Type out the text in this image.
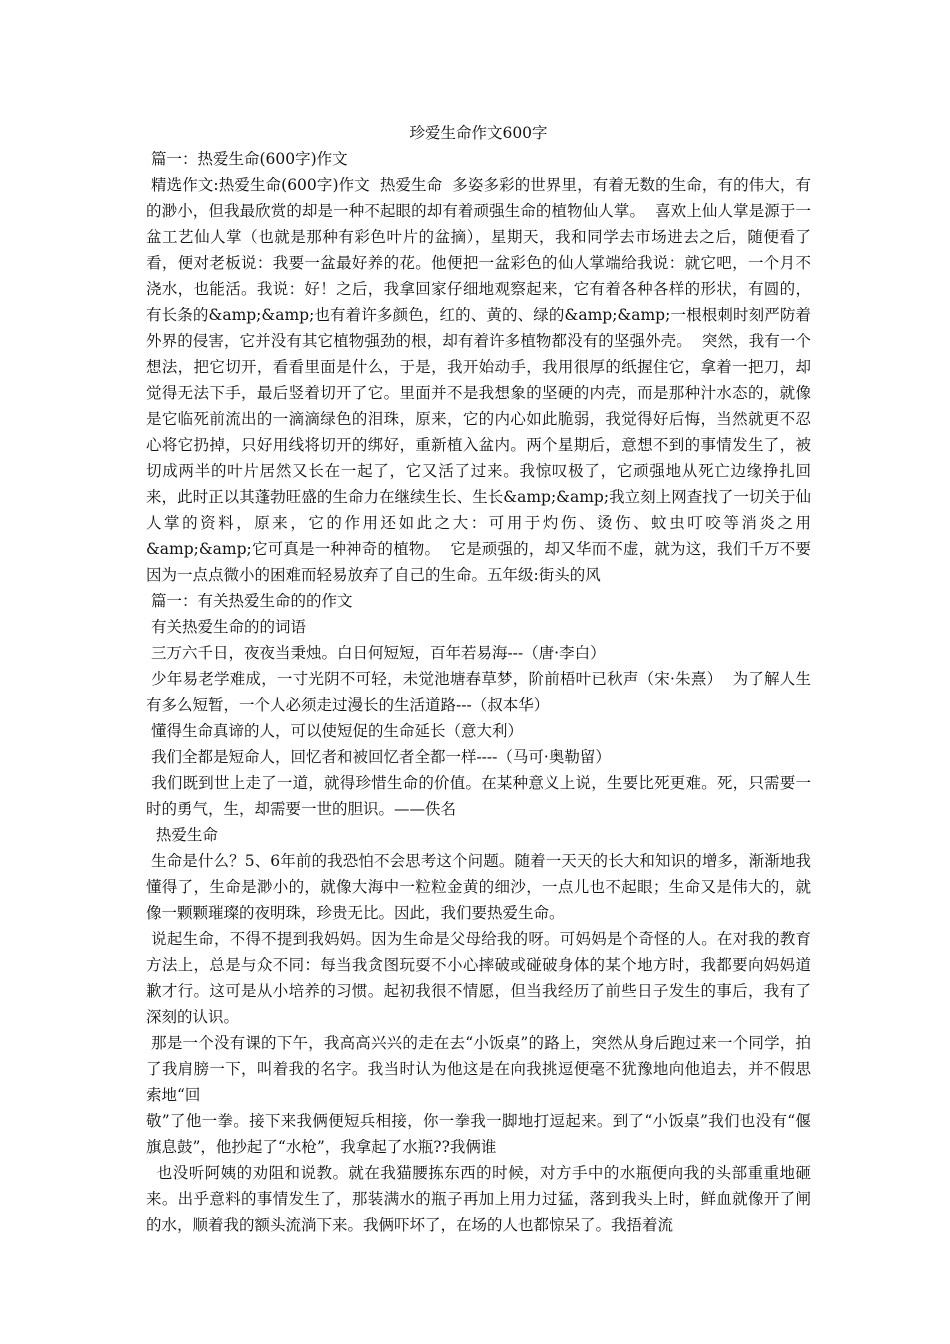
珍爱生命作文600字

篇一：热爱生命(600字)作文

精选作文:热爱生命(600字)作文  热爱生命  多姿多彩的世界里，有着无数的生命，有的伟大，有的渺小，但我最欣赏的却是一种不起眼的却有着顽强生命的植物仙人掌。  喜欢上仙人掌是源于一盆工艺仙人掌（也就是那种有彩色叶片的盆摘），星期天，我和同学去市场进去之后，随便看了看，便对老板说：我要一盆最好养的花。他便把一盆彩色的仙人掌端给我说：就它吧，一个月不浇水，也能活。我说：好！之后，我拿回家仔细地观察起来，它有着各种各样的形状，有圆的，有长条的&amp;&amp;也有着许多颜色，红的、黄的、绿的&amp;&amp;一根根刺时刻严防着外界的侵害，它并没有其它植物强劲的根，却有着许多植物都没有的坚强外壳。  突然，我有一个想法，把它切开，看看里面是什么，于是，我开始动手，我用很厚的纸握住它，拿着一把刀，却觉得无法下手，最后竖着切开了它。里面并不是我想象的坚硬的内壳，而是那种汁水态的，就像是它临死前流出的一滴滴绿色的泪珠，原来，它的内心如此脆弱，我觉得好后悔，当然就更不忍心将它扔掉，只好用线将切开的绑好，重新植入盆内。两个星期后，意想不到的事情发生了，被切成两半的叶片居然又长在一起了，它又活了过来。我惊叹极了，它顽强地从死亡边缘挣扎回来，此时正以其蓬勃旺盛的生命力在继续生长、生长&amp;&amp;我立刻上网查找了一切关于仙人掌的资料，原来，它的作用还如此之大：可用于灼伤、烫伤、蚊虫叮咬等消炎之用&amp;&amp;它可真是一种神奇的植物。  它是顽强的，却又华而不虚，就为这，我们千万不要因为一点点微小的困难而轻易放弃了自己的生命。五年级:街头的风

篇一：有关热爱生命的的作文

有关热爱生命的的词语

三万六千日，夜夜当秉烛。白日何短短，百年若易海---（唐·李白）

少年易老学难成，一寸光阴不可轻，未觉池塘春草梦，阶前梧叶已秋声（宋·朱熹）  为了解人生有多么短暂，一个人必须走过漫长的生活道路---（叔本华）

懂得生命真谛的人，可以使短促的生命延长（意大利）

我们全都是短命人，回忆者和被回忆者全都一样----（马可·奥勒留）

我们既到世上走了一道，就得珍惜生命的价值。在某种意义上说，生要比死更难。死，只需要一时的勇气，生，却需要一世的胆识。——佚名

热爱生命

生命是什么？5、6年前的我恐怕不会思考这个问题。随着一天天的长大和知识的增多，渐渐地我懂得了，生命是渺小的，就像大海中一粒粒金黄的细沙，一点儿也不起眼；生命又是伟大的，就像一颗颗璀璨的夜明珠，珍贵无比。因此，我们要热爱生命。

说起生命，不得不提到我妈妈。因为生命是父母给我的呀。可妈妈是个奇怪的人。在对我的教育方法上，总是与众不同：每当我贪图玩耍不小心摔破或碰破身体的某个地方时，我都要向妈妈道歉才行。这可是从小培养的习惯。起初我很不情愿，但当我经历了前些日子发生的事后，我有了深刻的认识。

那是一个没有课的下午，我高高兴兴的走在去“小饭桌”的路上，突然从身后跑过来一个同学，拍了我肩膀一下，叫着我的名字。我当时认为他这是在向我挑逗便毫不犹豫地向他追去，并不假思索地“回

敬”了他一拳。接下来我俩便短兵相接，你一拳我一脚地打逗起来。到了“小饭桌”我们也没有“偃旗息鼓”，他抄起了“水枪”，我拿起了水瓶??我俩谁

也没听阿姨的劝阻和说教。就在我猫腰拣东西的时候，对方手中的水瓶便向我的头部重重地砸来。出乎意料的事情发生了，那装满水的瓶子再加上用力过猛，落到我头上时，鲜血就像开了闸的水，顺着我的额头流淌下来。我俩吓坏了，在场的人也都惊呆了。我捂着流
